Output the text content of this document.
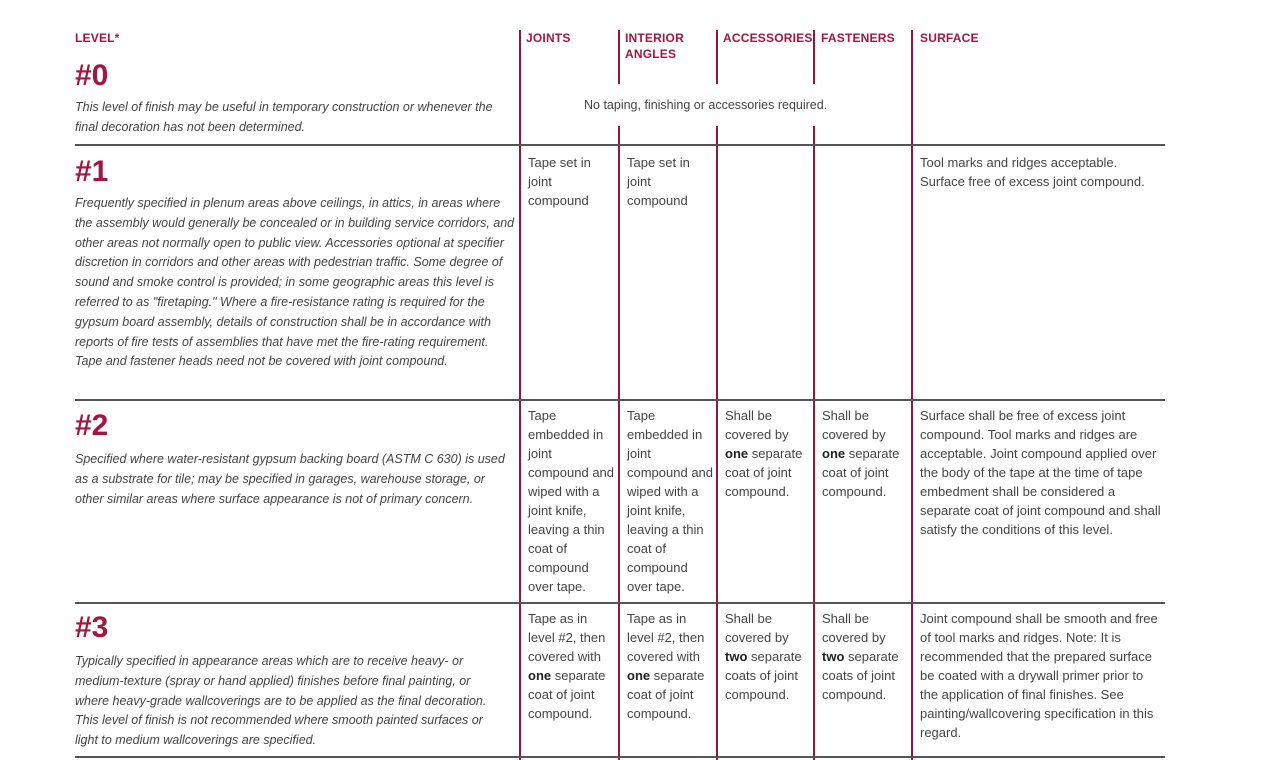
LEVEL*	JOINTS	INTERIOR
ANGLES
ACCESSORIES FASTENERS SURFACE
#0
This level of finish may be useful in temporary construction or whenever the final decoration has not been determined.
No taping, finishing or accessories required.
#1
Frequently specified in plenum areas above ceilings, in attics, in areas where the assembly would generally be concealed or in building service corridors, and other areas not normally open to public view. Accessories optional at specifier discretion in corridors and other areas with pedestrian traffic. Some degree of sound and smoke control is provided; in some geographic areas this level is referred to as "firetaping." Where a fire-resistance rating is required for the gypsum board assembly, details of construction shall be in accordance with reports of fire tests of assemblies that have met the fire-rating requirement. Tape and fastener heads need not be covered with joint compound.
Tape set in joint compound
Tape set in joint compound
Tool marks and ridges acceptable. Surface free of excess joint compound.
#2
Specified where water-resistant gypsum backing board (ASTM C 630) is used as a substrate for tile; may be specified in garages, warehouse storage, or other similar areas where surface appearance is not of primary concern.
Tape embedded in joint compound and wiped with a joint knife, leaving a thin coat of compound over tape.
Tape embedded in joint compound and wiped with a joint knife, leaving a thin coat of compound over tape.
Shall be covered by one separate coat of joint compound.
Shall be covered by one separate coat of joint compound.
Surface shall be free of excess joint compound. Tool marks and ridges are acceptable. Joint compound applied over the body of the tape at the time of tape embedment shall be considered a separate coat of joint compound and shall satisfy the conditions of this level.
#3
Typically specified in appearance areas which are to receive heavy- or medium-texture (spray or hand applied) finishes before final painting, or where heavy-grade wallcoverings are to be applied as the final decoration. This level of finish is not recommended where smooth painted surfaces or light to medium wallcoverings are specified.
Tape as in level #2, then covered with one separate coat of joint compound.
Tape as in level #2, then covered with one separate coat of joint compound.
Shall be covered by two separate coats of joint compound.
Shall be covered by two separate coats of joint compound.
Joint compound shall be smooth and free of tool marks and ridges. Note: It is recommended that the prepared surface be coated with a drywall primer prior to the application of final finishes. See painting/wallcovering specification in this regard.
